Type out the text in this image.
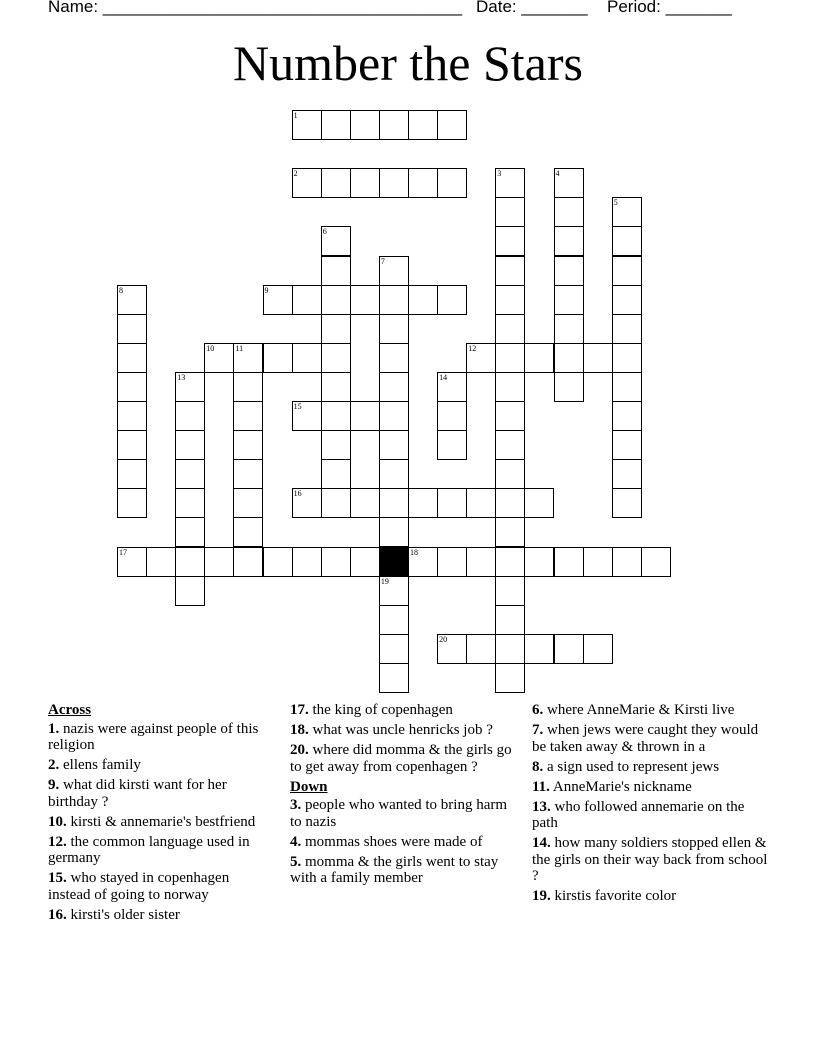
Name: ______________________________________ Date: _______ Period: _______
Number the Stars
1
2	3	4
5
6
7
8	9
10	11	12
13	14
15
16
17	18
19
20
Across
1. nazis were against people of this religion
2. ellens family
9. what did kirsti want for her birthday ?
10. kirsti & annemarie's bestfriend
12. the common language used in germany
15. who stayed in copenhagen instead of going to norway
16. kirsti's older sister
17. the king of copenhagen
18. what was uncle henricks job ?
20. where did momma & the girls go to get away from copenhagen ?
Down
3. people who wanted to bring harm to nazis
4. mommas shoes were made of
5. momma & the girls went to stay with a family member
6. where AnneMarie & Kirsti live
7. when jews were caught they would be taken away & thrown in a
8. a sign used to represent jews
11. AnneMarie's nickname
13. who followed annemarie on the path
14. how many soldiers stopped ellen & the girls on their way back from school ?
19. kirstis favorite color
